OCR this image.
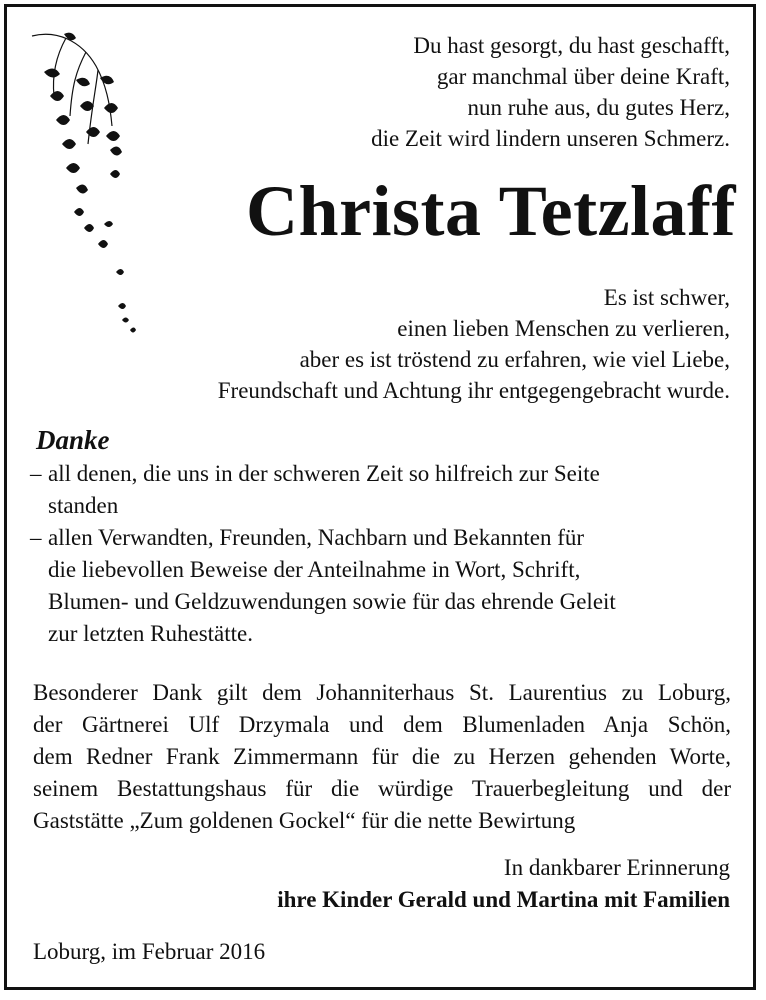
Du hast gesorgt, du hast geschafft,
gar manchmal über deine Kraft,
nun ruhe aus, du gutes Herz,
die Zeit wird lindern unseren Schmerz.

Christa Tetzlaff

Es ist schwer,
einen lieben Menschen zu verlieren,
aber es ist tröstend zu erfahren, wie viel Liebe,
Freundschaft und Achtung ihr entgegengebracht wurde.

Danke
– all denen, die uns in der schweren Zeit so hilfreich zur Seite
standen
– allen Verwandten, Freunden, Nachbarn und Bekannten für
die liebevollen Beweise der Anteilnahme in Wort, Schrift,
Blumen- und Geldzuwendungen sowie für das ehrende Geleit
zur letzten Ruhestätte.

Besonderer Dank gilt dem Johanniterhaus St. Laurentius zu Loburg,
der Gärtnerei Ulf Drzymala und dem Blumenladen Anja Schön,
dem Redner Frank Zimmermann für die zu Herzen gehenden Worte,
seinem Bestattungshaus für die würdige Trauerbegleitung und der
Gaststätte „Zum goldenen Gockel“ für die nette Bewirtung

In dankbarer Erinnerung

ihre Kinder Gerald und Martina mit Familien

Loburg, im Februar 2016
